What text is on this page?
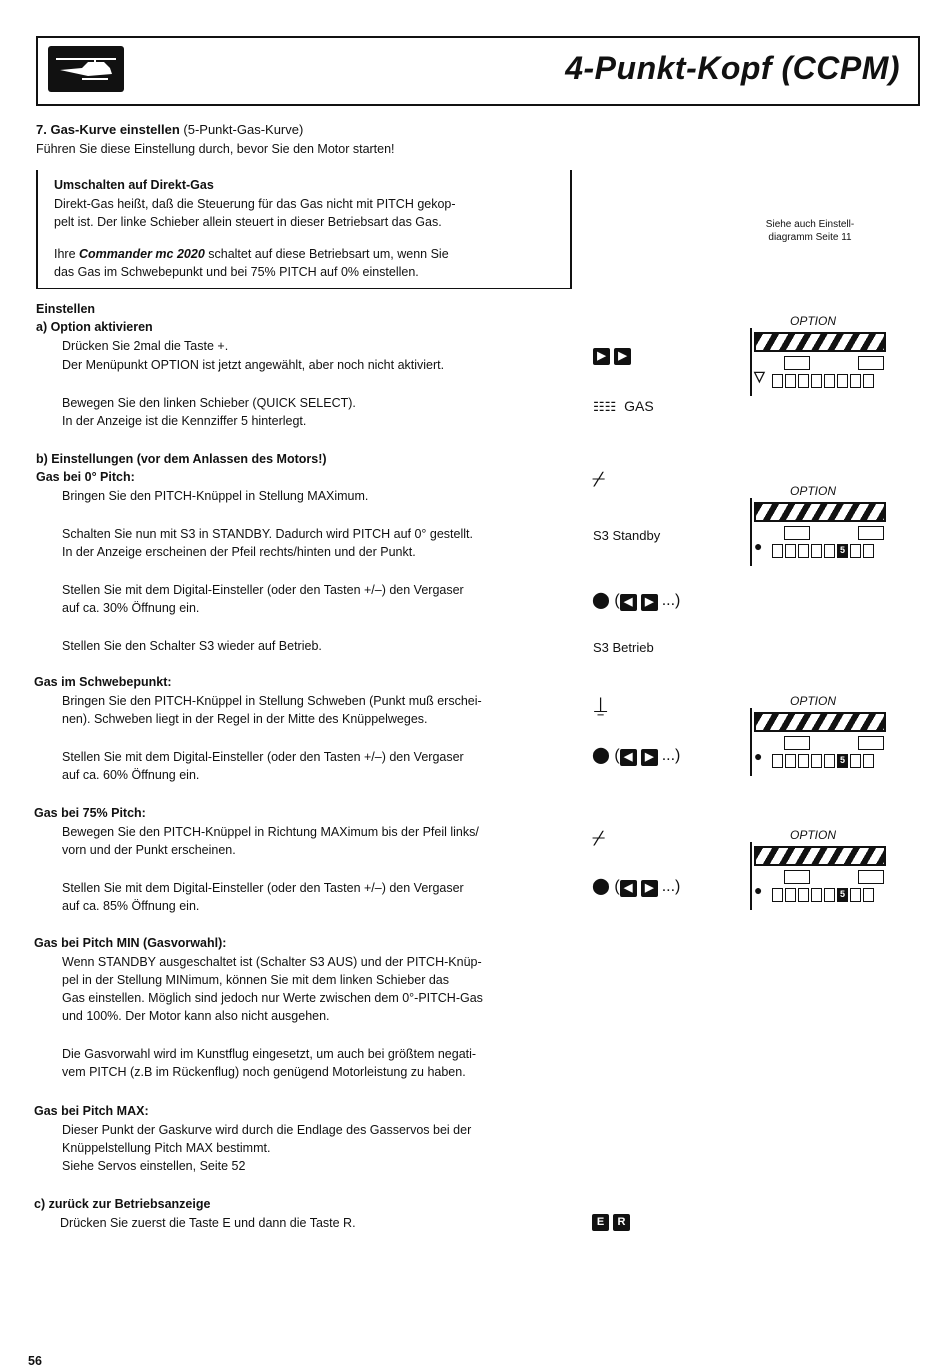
4-Punkt-Kopf (CCPM)
7. Gas-Kurve einstellen (5-Punkt-Gas-Kurve)
Führen Sie diese Einstellung durch, bevor Sie den Motor starten!
Umschalten auf Direkt-Gas
Direkt-Gas heißt, daß die Steuerung für das Gas nicht mit PITCH gekop-
pelt ist. Der linke Schieber allein steuert in dieser Betriebsart das Gas.
Ihre Commander mc 2020 schaltet auf diese Betriebsart um, wenn Sie
das Gas im Schwebepunkt und bei 75% PITCH auf 0% einstellen.
Siehe auch Einstell-
diagramm Seite 11
Einstellen
a) Option aktivieren
Drücken Sie 2mal die Taste +.
Der Menüpunkt OPTION ist jetzt angewählt, aber noch nicht aktiviert.
Bewegen Sie den linken Schieber (QUICK SELECT).
In der Anzeige ist die Kennziffer 5 hinterlegt.
▶ ▶
☷☷ GAS
b) Einstellungen (vor dem Anlassen des Motors!)
Gas bei 0° Pitch:
Bringen Sie den PITCH-Knüppel in Stellung MAXimum.
Schalten Sie nun mit S3 in STANDBY. Dadurch wird PITCH auf 0° gestellt.
In der Anzeige erscheinen der Pfeil rechts/hinten und der Punkt.
Stellen Sie mit dem Digital-Einsteller (oder den Tasten +/–) den Vergaser
auf ca. 30% Öffnung ein.
Stellen Sie den Schalter S3 wieder auf Betrieb.
⌿
S3 Standby
⬤ ( ◀ ▶ ...)
S3 Betrieb
Gas im Schwebepunkt:
Bringen Sie den PITCH-Knüppel in Stellung Schweben (Punkt muß erschei-
nen). Schweben liegt in der Regel in der Mitte des Knüppelweges.
Stellen Sie mit dem Digital-Einsteller (oder den Tasten +/–) den Vergaser
auf ca. 60% Öffnung ein.
⍊
⬤ ( ◀ ▶ ...)
Gas bei 75% Pitch:
Bewegen Sie den PITCH-Knüppel in Richtung MAXimum bis der Pfeil links/
vorn und der Punkt erscheinen.
Stellen Sie mit dem Digital-Einsteller (oder den Tasten +/–) den Vergaser
auf ca. 85% Öffnung ein.
⌿
⬤ ( ◀ ▶ ...)
Gas bei Pitch MIN (Gasvorwahl):
Wenn STANDBY ausgeschaltet ist (Schalter S3 AUS) und der PITCH-Knüp-
pel in der Stellung MINimum, können Sie mit dem linken Schieber das
Gas einstellen. Möglich sind jedoch nur Werte zwischen dem 0°-PITCH-Gas
und 100%. Der Motor kann also nicht ausgehen.
Die Gasvorwahl wird im Kunstflug eingesetzt, um auch bei größtem negati-
vem PITCH (z.B im Rückenflug) noch genügend Motorleistung zu haben.
Gas bei Pitch MAX:
Dieser Punkt der Gaskurve wird durch die Endlage des Gasservos bei der
Knüppelstellung Pitch MAX bestimmt.
Siehe Servos einstellen, Seite 52
c) zurück zur Betriebsanzeige
Drücken Sie zuerst die Taste E und dann die Taste R.	E R
OPTION
▽
OPTION
●	5
OPTION
●	5
OPTION
●	5
56
